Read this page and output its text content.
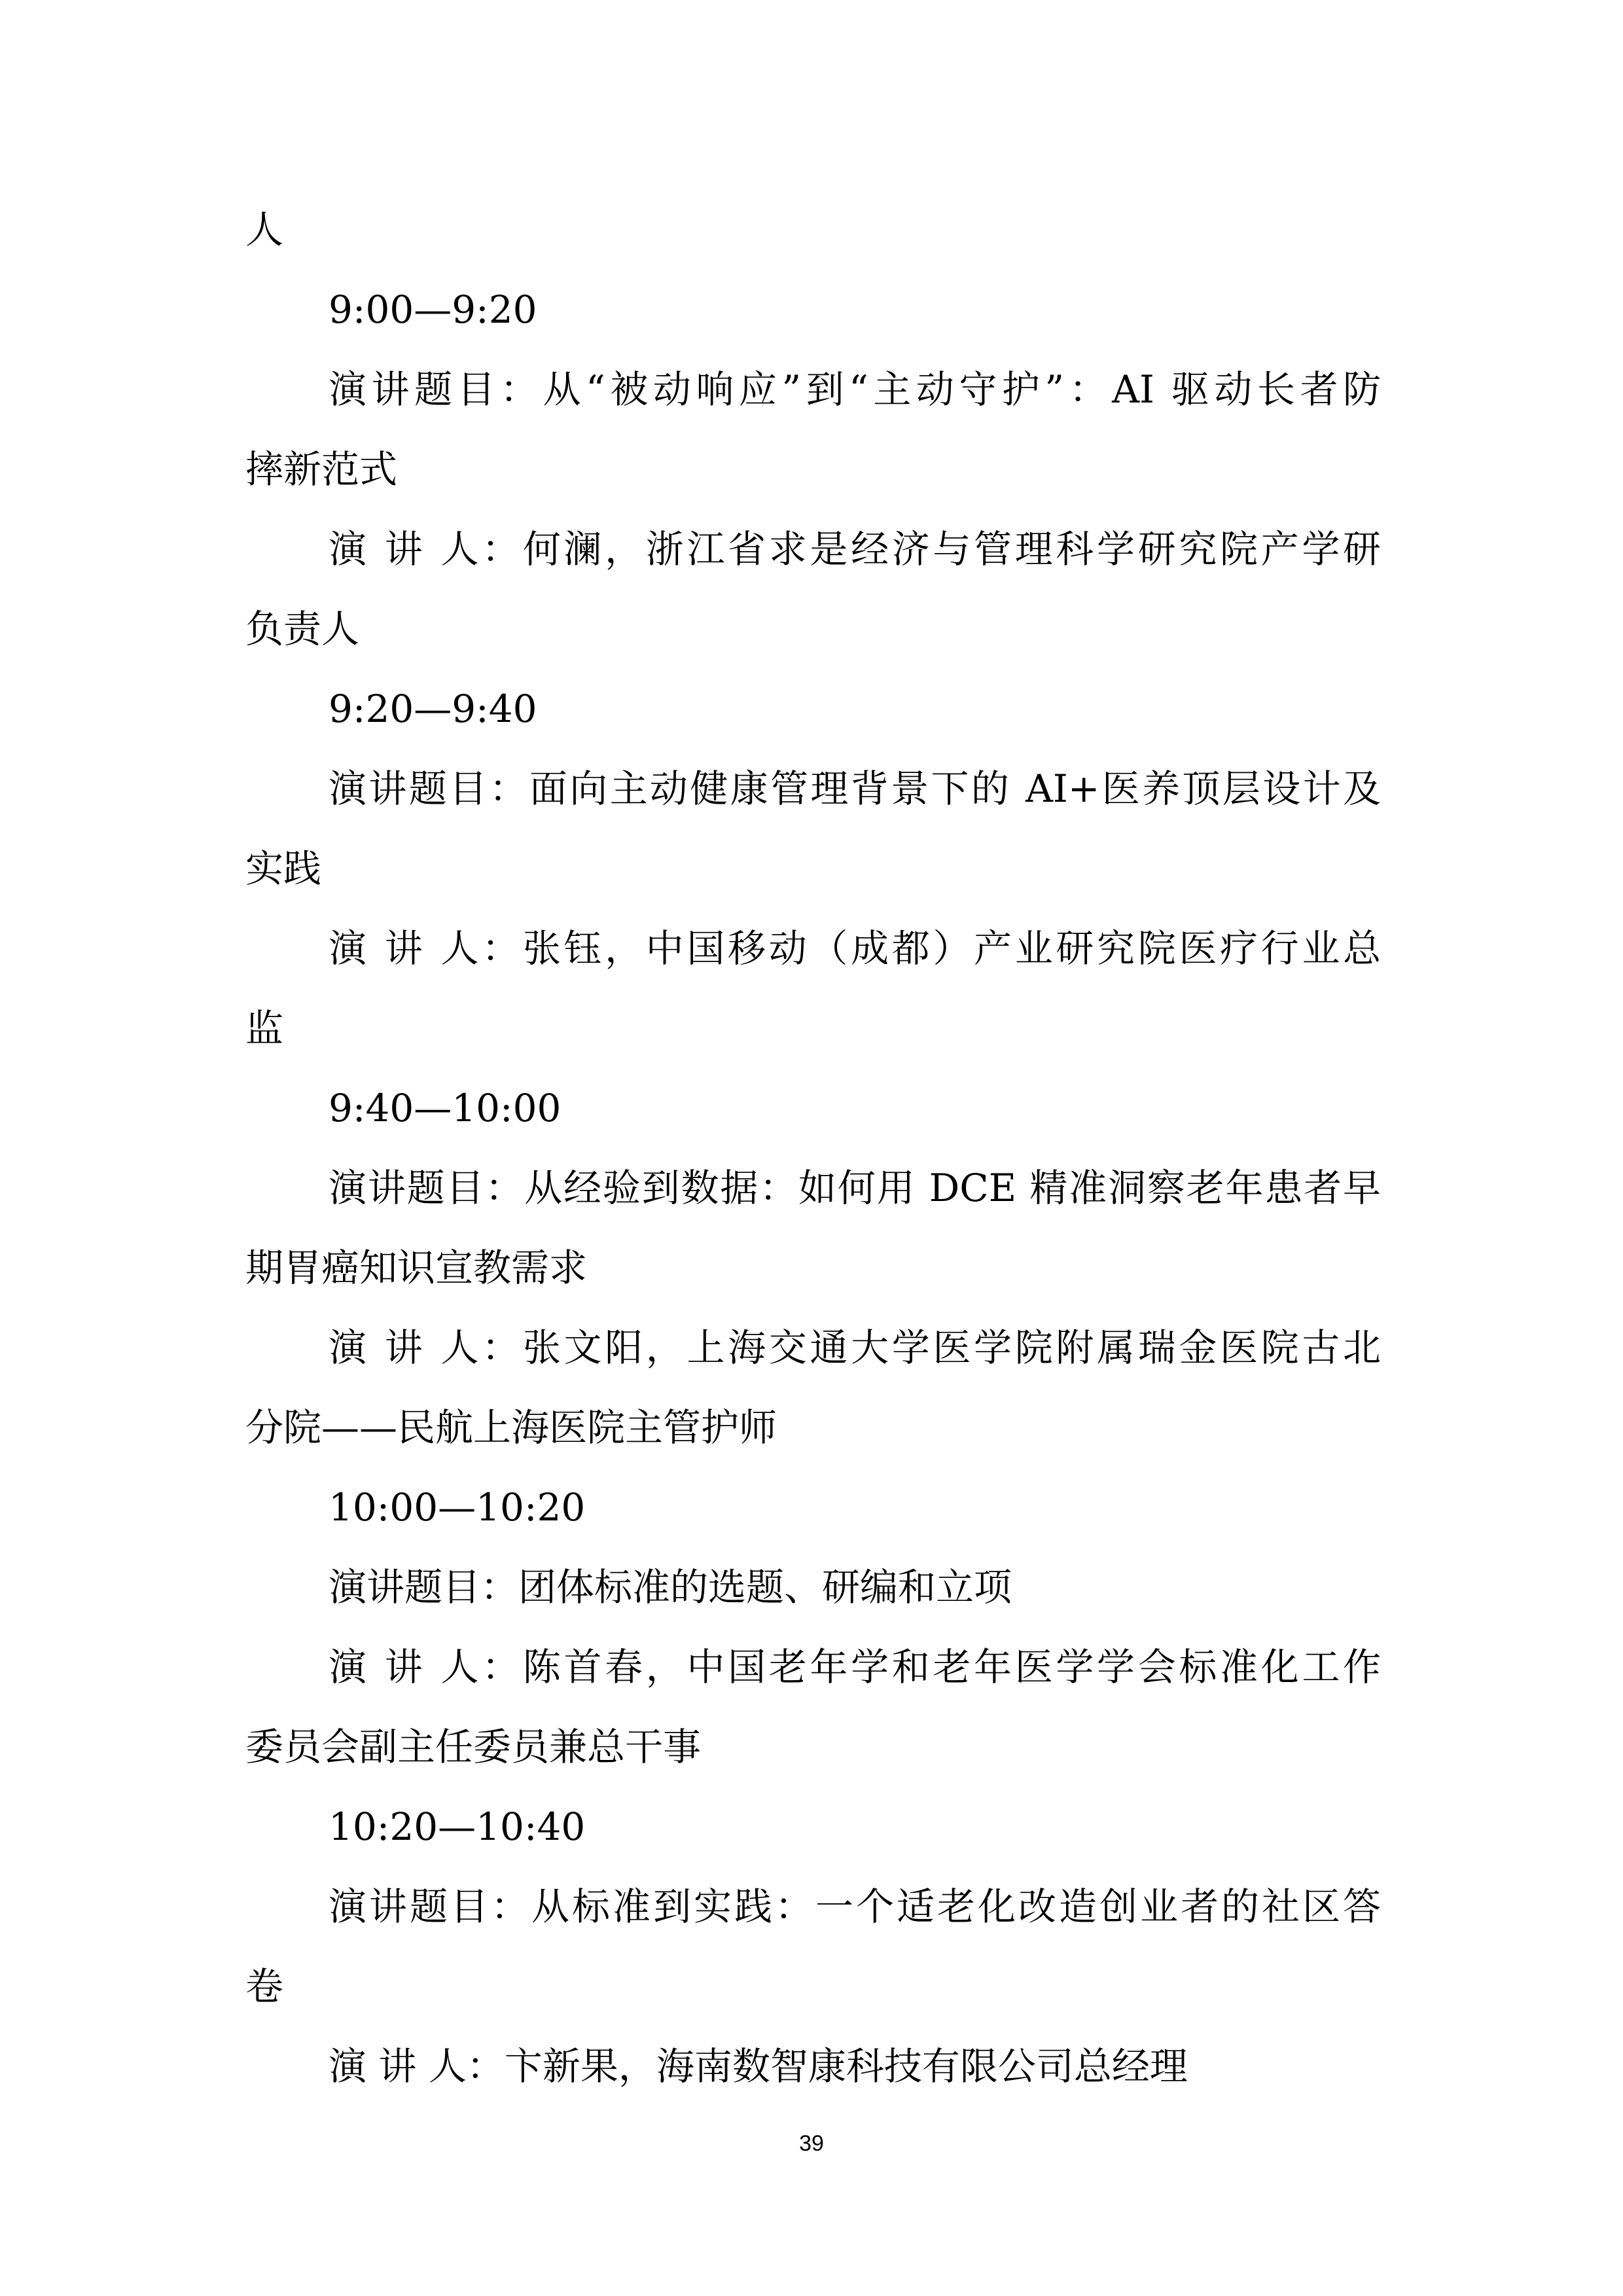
人
9:00—9:20
演讲题目：从“被动响应”到“主动守护”：AI 驱动长者防
摔新范式
演 讲 人：何澜，浙江省求是经济与管理科学研究院产学研
负责人
9:20—9:40
演讲题目：面向主动健康管理背景下的 AI+医养顶层设计及
实践
演 讲 人：张钰，中国移动（成都）产业研究院医疗行业总
监
9:40—10:00
演讲题目：从经验到数据：如何用 DCE 精准洞察老年患者早
期胃癌知识宣教需求
演 讲 人：张文阳，上海交通大学医学院附属瑞金医院古北
分院——民航上海医院主管护师
10:00—10:20
演讲题目：团体标准的选题、研编和立项
演 讲 人：陈首春，中国老年学和老年医学学会标准化工作
委员会副主任委员兼总干事
10:20—10:40
演讲题目：从标准到实践：一个适老化改造创业者的社区答
卷
演 讲 人：卞新果，海南数智康科技有限公司总经理
39
